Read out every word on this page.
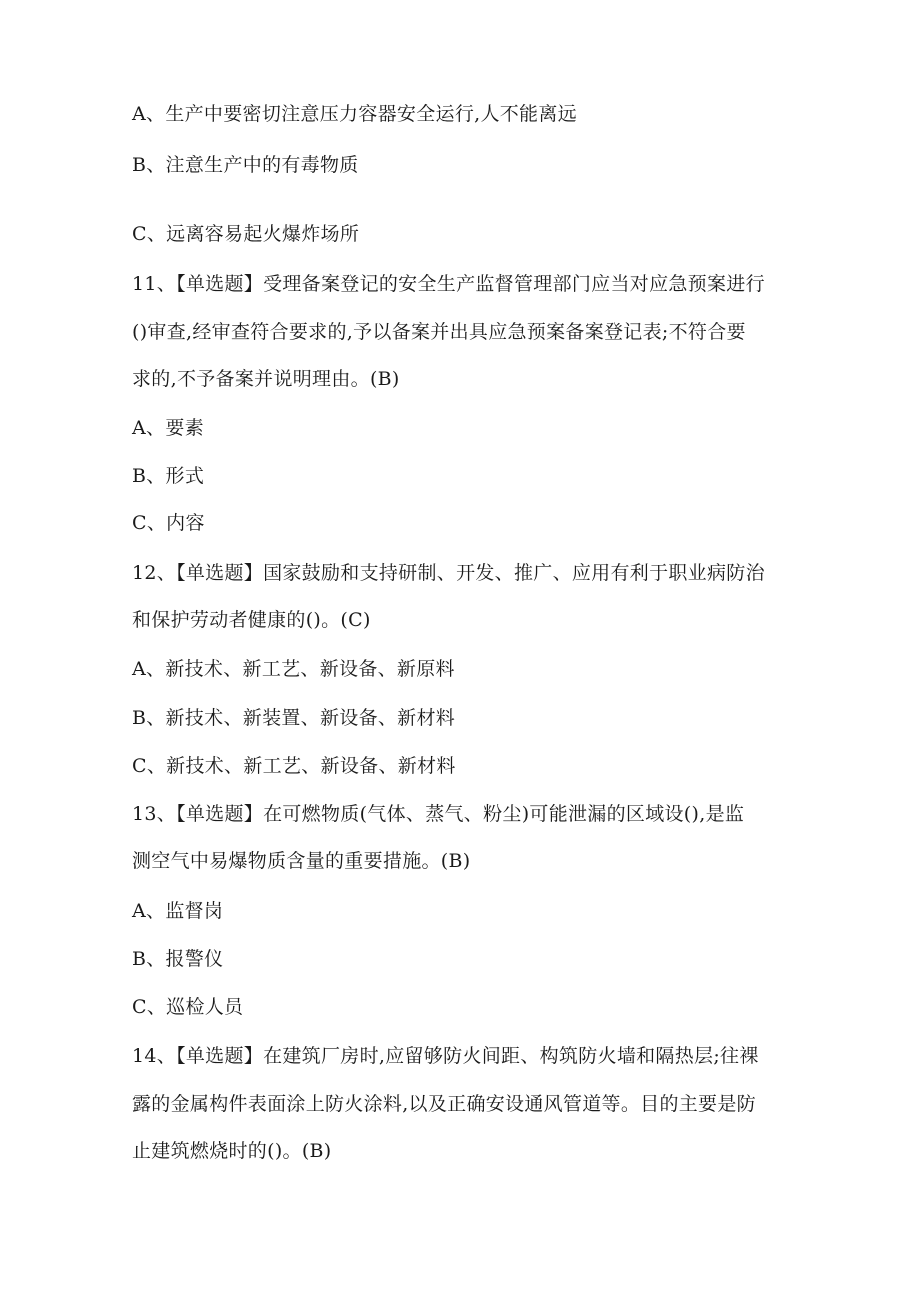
A、生产中要密切注意压力容器安全运行,人不能离远
B、注意生产中的有毒物质
C、远离容易起火爆炸场所
11、【单选题】受理备案登记的安全生产监督管理部门应当对应急预案进行
()审查,经审查符合要求的,予以备案并出具应急预案备案登记表;不符合要
求的,不予备案并说明理由。(B)
A、要素
B、形式
C、内容
12、【单选题】国家鼓励和支持研制、开发、推广、应用有利于职业病防治
和保护劳动者健康的()。(C)
A、新技术、新工艺、新设备、新原料
B、新技术、新装置、新设备、新材料
C、新技术、新工艺、新设备、新材料
13、【单选题】在可燃物质(气体、蒸气、粉尘)可能泄漏的区域设(),是监
测空气中易爆物质含量的重要措施。(B)
A、监督岗
B、报警仪
C、巡检人员
14、【单选题】在建筑厂房时,应留够防火间距、构筑防火墙和隔热层;往裸
露的金属构件表面涂上防火涂料,以及正确安设通风管道等。目的主要是防
止建筑燃烧时的()。(B)
